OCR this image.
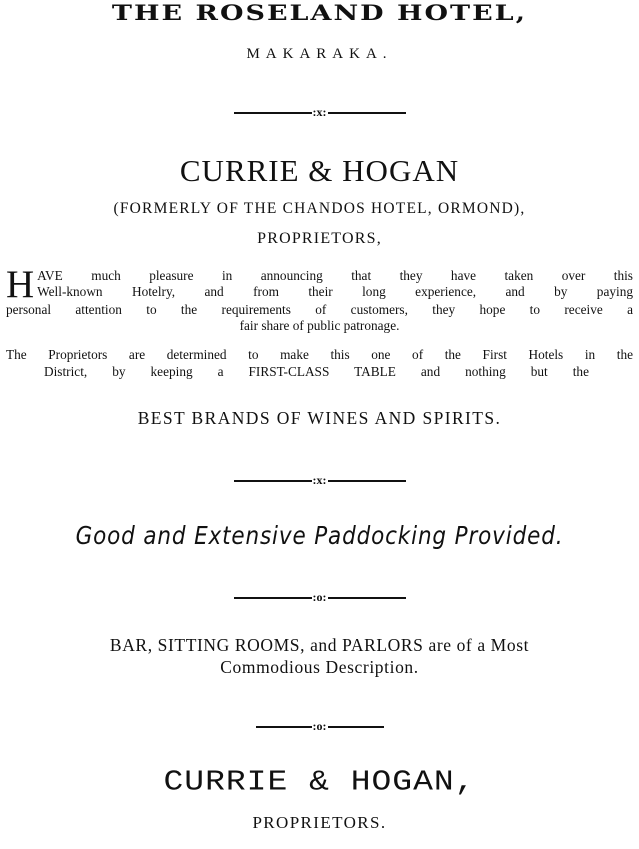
THE ROSELAND HOTEL,
MAKARAKA.
:x:
CURRIE & HOGAN
(FORMERLY OF THE CHANDOS HOTEL, ORMOND),
PROPRIETORS,
H AVE much pleasure in announcing that they have taken over this
Well-known Hotelry, and from their long experience, and by paying
personal attention to the requirements of customers, they hope to receive a
fair share of public patronage.
The Proprietors are determined to make this one of the First Hotels in the
District, by keeping a FIRST-CLASS TABLE and nothing but the
BEST BRANDS OF WINES AND SPIRITS.
:x:
Good and Extensive Paddocking Provided.
:o:
BAR, SITTING ROOMS, and PARLORS are of a Most
Commodious Description.
:o:
CURRIE & HOGAN,
PROPRIETORS.
